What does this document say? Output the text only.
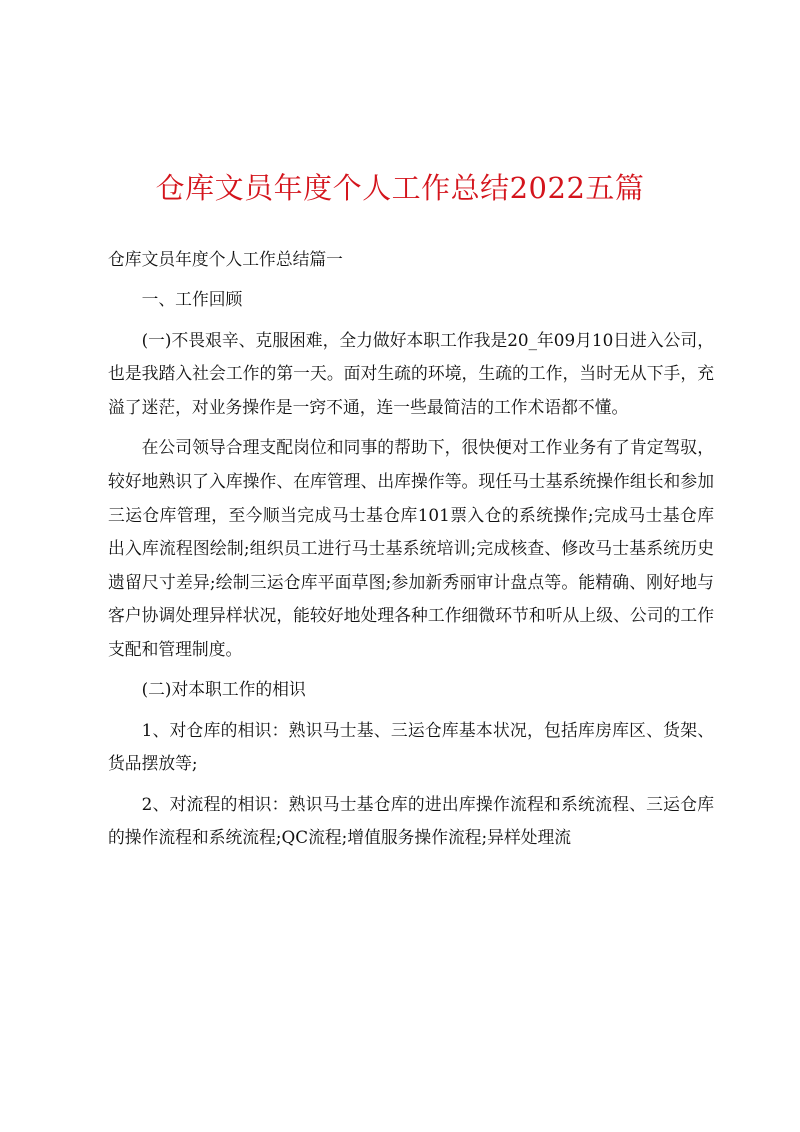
仓库文员年度个人工作总结2022五篇

仓库文员年度个人工作总结篇一

一、工作回顾

(一)不畏艰辛、克服困难，全力做好本职工作我是20_年09月10日进入公司，也是我踏入社会工作的第一天。面对生疏的环境，生疏的工作，当时无从下手，充溢了迷茫，对业务操作是一窍不通，连一些最简洁的工作术语都不懂。

在公司领导合理支配岗位和同事的帮助下，很快便对工作业务有了肯定驾驭，较好地熟识了入库操作、在库管理、出库操作等。现任马士基系统操作组长和参加三运仓库管理，至今顺当完成马士基仓库101票入仓的系统操作;完成马士基仓库出入库流程图绘制;组织员工进行马士基系统培训;完成核查、修改马士基系统历史遗留尺寸差异;绘制三运仓库平面草图;参加新秀丽审计盘点等。能精确、刚好地与客户协调处理异样状况，能较好地处理各种工作细微环节和听从上级、公司的工作支配和管理制度。

(二)对本职工作的相识

1、对仓库的相识：熟识马士基、三运仓库基本状况，包括库房库区、货架、货品摆放等;

2、对流程的相识：熟识马士基仓库的进出库操作流程和系统流程、三运仓库的操作流程和系统流程;QC流程;增值服务操作流程;异样处理流
